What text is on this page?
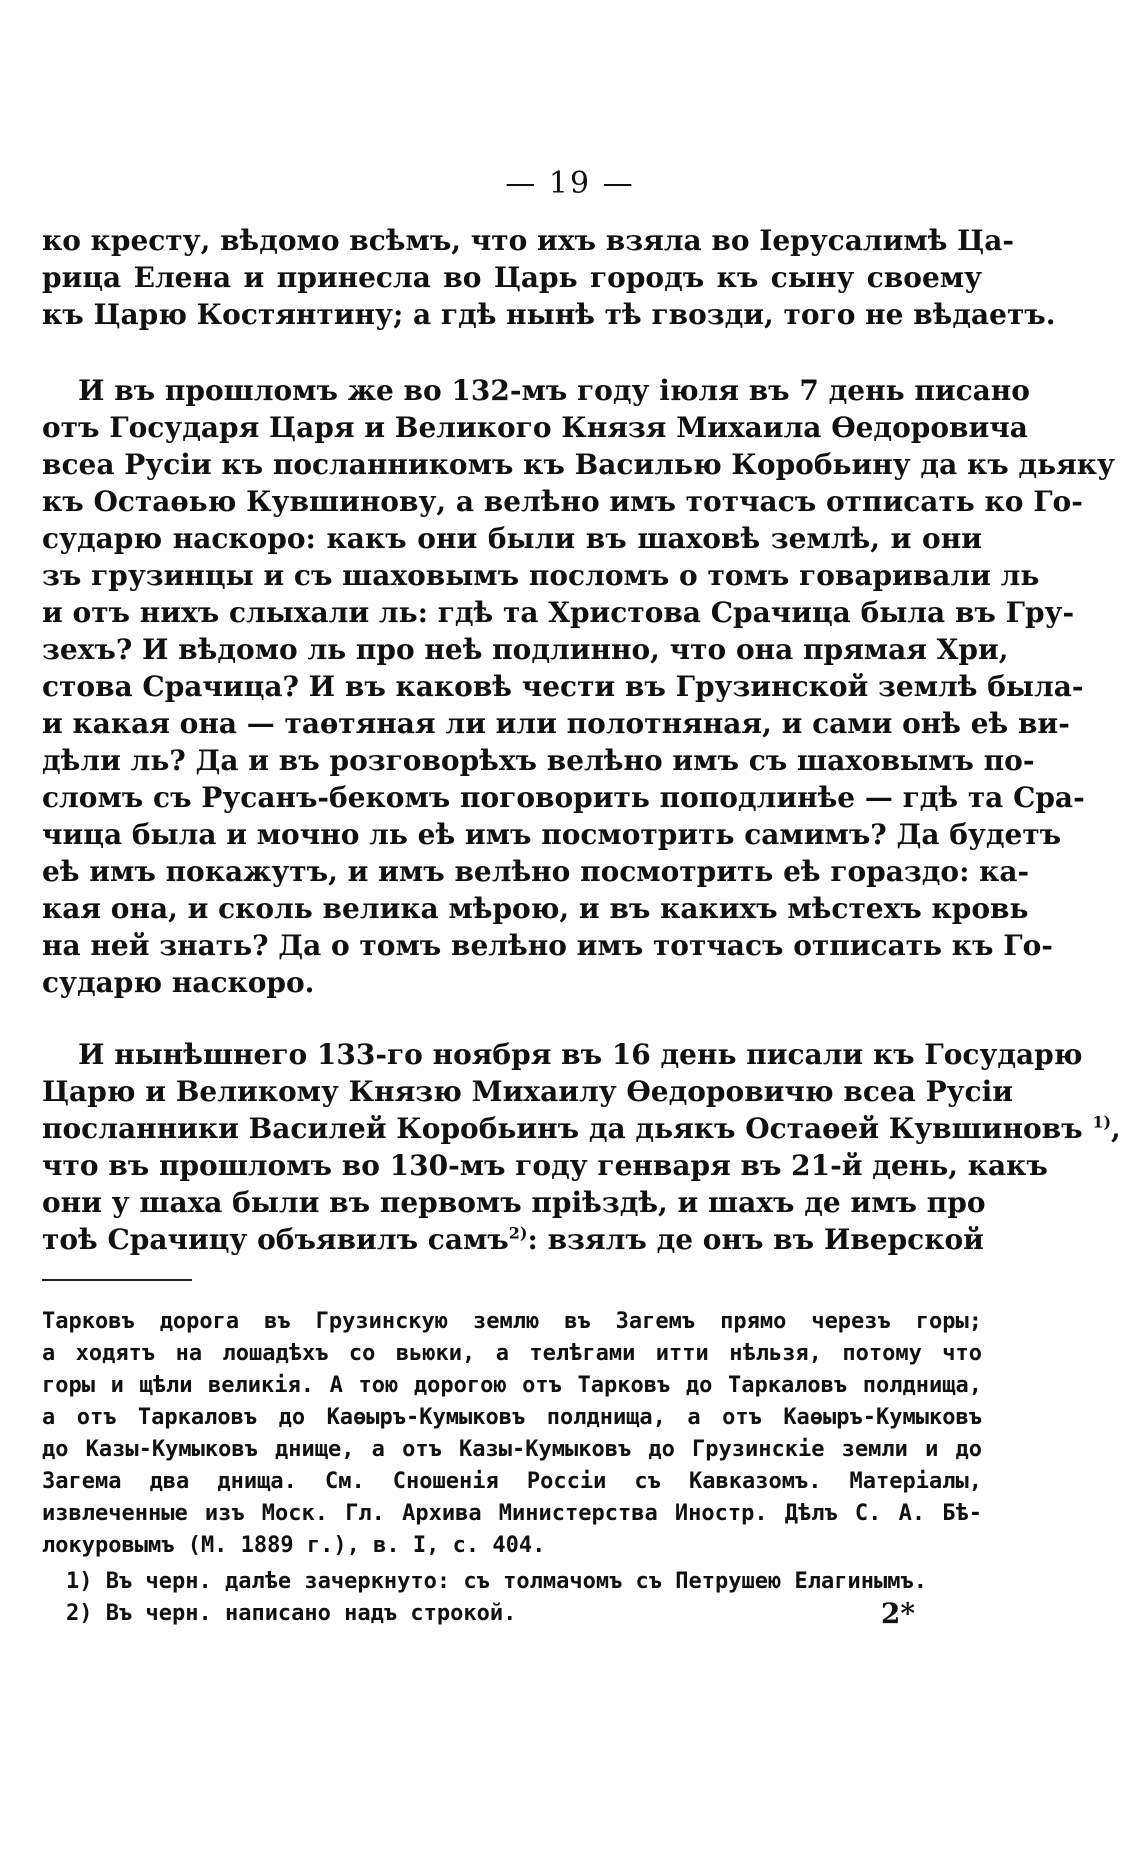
— 19 —
ко кресту, вѣдомо всѣмъ, что ихъ взяла во Іерусалимѣ Ца-
рица Елена и принесла во Царь городъ къ сыну своему
къ Царю Костянтину; а гдѣ нынѣ тѣ гвозди, того не вѣдаетъ.
И въ прошломъ же во 132-мъ году іюля въ 7 день писано
отъ Государя Царя и Великого Князя Михаила Ѳедоровича
всеа Русіи къ посланникомъ къ Василью Коробьину да къ дьяку
къ Остаѳью Кувшинову, а велѣно имъ тотчасъ отписать ко Го-
сударю наскоро: какъ они были въ шаховѣ землѣ, и они
зъ грузинцы и съ шаховымъ посломъ о томъ говаривали ль
и отъ нихъ слыхали ль: гдѣ та Христова Срачица была въ Гру-
зехъ? И вѣдомо ль про неѣ подлинно, что она прямая Хри,
стова Срачица? И въ каковѣ чести въ Грузинской землѣ была-
и какая она — таѳтяная ли или полотняная, и сами онѣ еѣ ви-
дѣли ль? Да и въ розговорѣхъ велѣно имъ съ шаховымъ по-
сломъ съ Русанъ-бекомъ поговорить поподлинѣе — гдѣ та Сра-
чица была и мочно ль еѣ имъ посмотрить самимъ? Да будетъ
еѣ имъ покажутъ, и имъ велѣно посмотрить еѣ гораздо: ка-
кая она, и сколь велика мѣрою, и въ какихъ мѣстехъ кровь
на ней знать? Да о томъ велѣно имъ тотчасъ отписать къ Го-
сударю наскоро.
И нынѣшнего 133-го ноября въ 16 день писали къ Государю
Царю и Великому Князю Михаилу Ѳедоровичю всеа Русіи
посланники Василей Коробьинъ да дьякъ Остаѳей Кувшиновъ $^{1)}$,
что въ прошломъ во 130-мъ году генваря въ 21-й день, какъ
они у шаха были въ первомъ пріѣздѣ, и шахъ де имъ про
тоѣ Срачицу объявилъ самъ$^{2)}$: взялъ де онъ въ Иверской
Тарковъ дорога въ Грузинскую землю въ Загемъ прямо черезъ горы;
а ходятъ на лошадѣхъ со вьюки, а телѣгами итти нѣльзя, потому что
горы и щѣли великія. А тою дорогою отъ Тарковъ до Таркаловъ полднища,
а отъ Таркаловъ до Каѳыръ-Кумыковъ полднища, а отъ Каѳыръ-Кумыковъ
до Казы-Кумыковъ днище, а отъ Казы-Кумыковъ до Грузинскіе земли и до
Загема два днища. См. Сношенія Россіи съ Кавказомъ. Матеріалы,
извлеченные изъ Моск. Гл. Архива Министерства Иностр. Дѣлъ С. А. Бѣ-
локуровымъ (М. 1889 г.), в. I, с. 404.
1) Въ черн. далѣе зачеркнуто: съ толмачомъ съ Петрушею Елагинымъ.
2) Въ черн. написано надъ строкой.	2*
